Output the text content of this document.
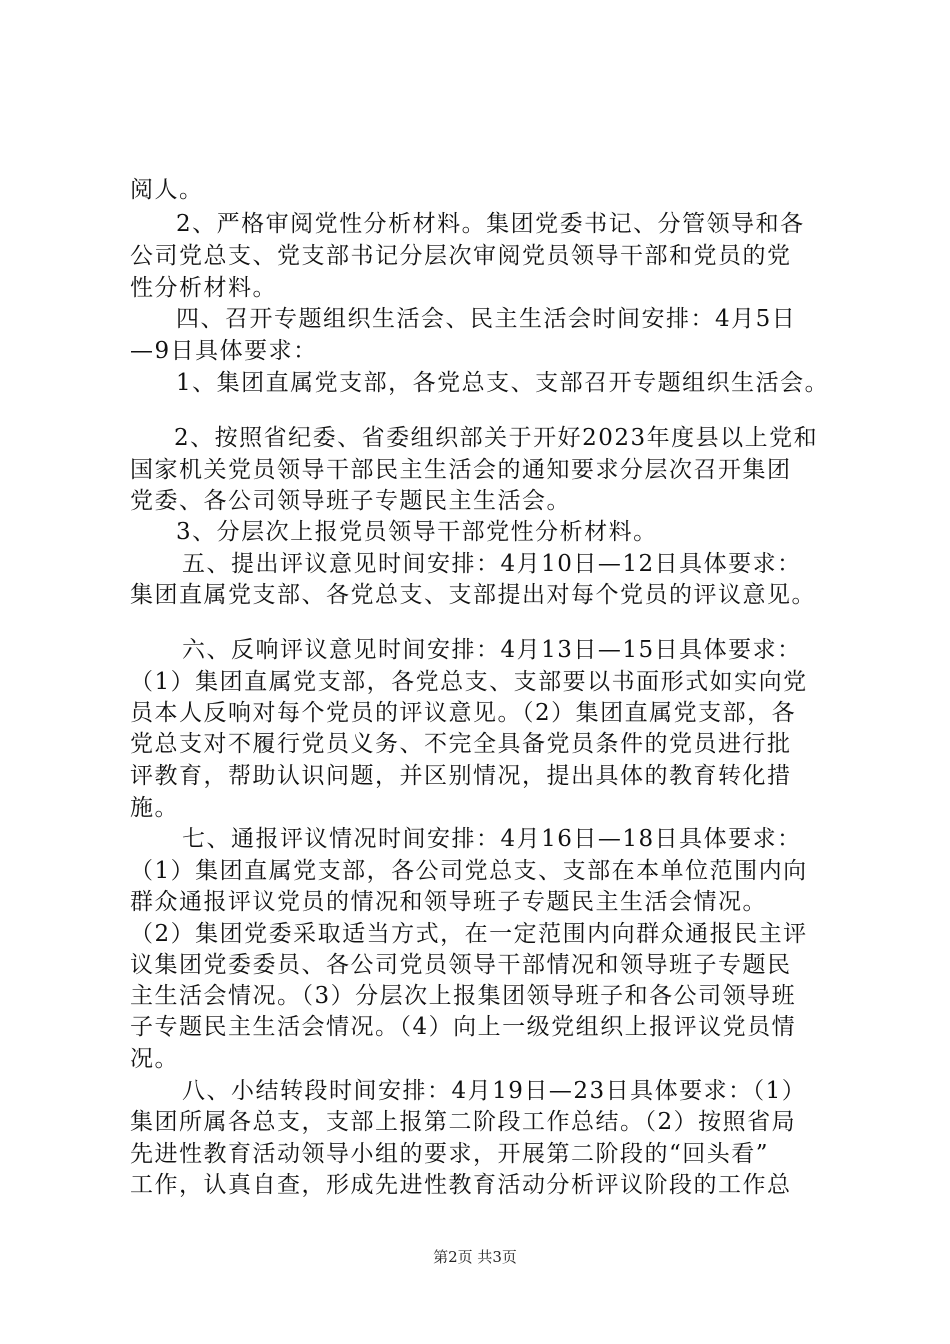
阅人。
2、严格审阅党性分析材料。集团党委书记、分管领导和各
公司党总支、党支部书记分层次审阅党员领导干部和党员的党
性分析材料。
四、召开专题组织生活会、民主生活会时间安排：4月5日
—9日具体要求：
1、集团直属党支部，各党总支、支部召开专题组织生活会。
2、按照省纪委、省委组织部关于开好2023年度县以上党和
国家机关党员领导干部民主生活会的通知要求分层次召开集团
党委、各公司领导班子专题民主生活会。
3、分层次上报党员领导干部党性分析材料。
五、提出评议意见时间安排：4月10日—12日具体要求：
集团直属党支部、各党总支、支部提出对每个党员的评议意见。
六、反响评议意见时间安排：4月13日—15日具体要求：
（1）集团直属党支部，各党总支、支部要以书面形式如实向党
员本人反响对每个党员的评议意见。（2）集团直属党支部，各
党总支对不履行党员义务、不完全具备党员条件的党员进行批
评教育，帮助认识问题，并区别情况，提出具体的教育转化措
施。
七、通报评议情况时间安排：4月16日—18日具体要求：
（1）集团直属党支部，各公司党总支、支部在本单位范围内向
群众通报评议党员的情况和领导班子专题民主生活会情况。
（2）集团党委采取适当方式，在一定范围内向群众通报民主评
议集团党委委员、各公司党员领导干部情况和领导班子专题民
主生活会情况。（3）分层次上报集团领导班子和各公司领导班
子专题民主生活会情况。（4）向上一级党组织上报评议党员情
况。
八、小结转段时间安排：4月19日—23日具体要求：（1）
集团所属各总支，支部上报第二阶段工作总结。（2）按照省局
先进性教育活动领导小组的要求，开展第二阶段的“回头看”
工作，认真自查，形成先进性教育活动分析评议阶段的工作总
第2页 共3页
